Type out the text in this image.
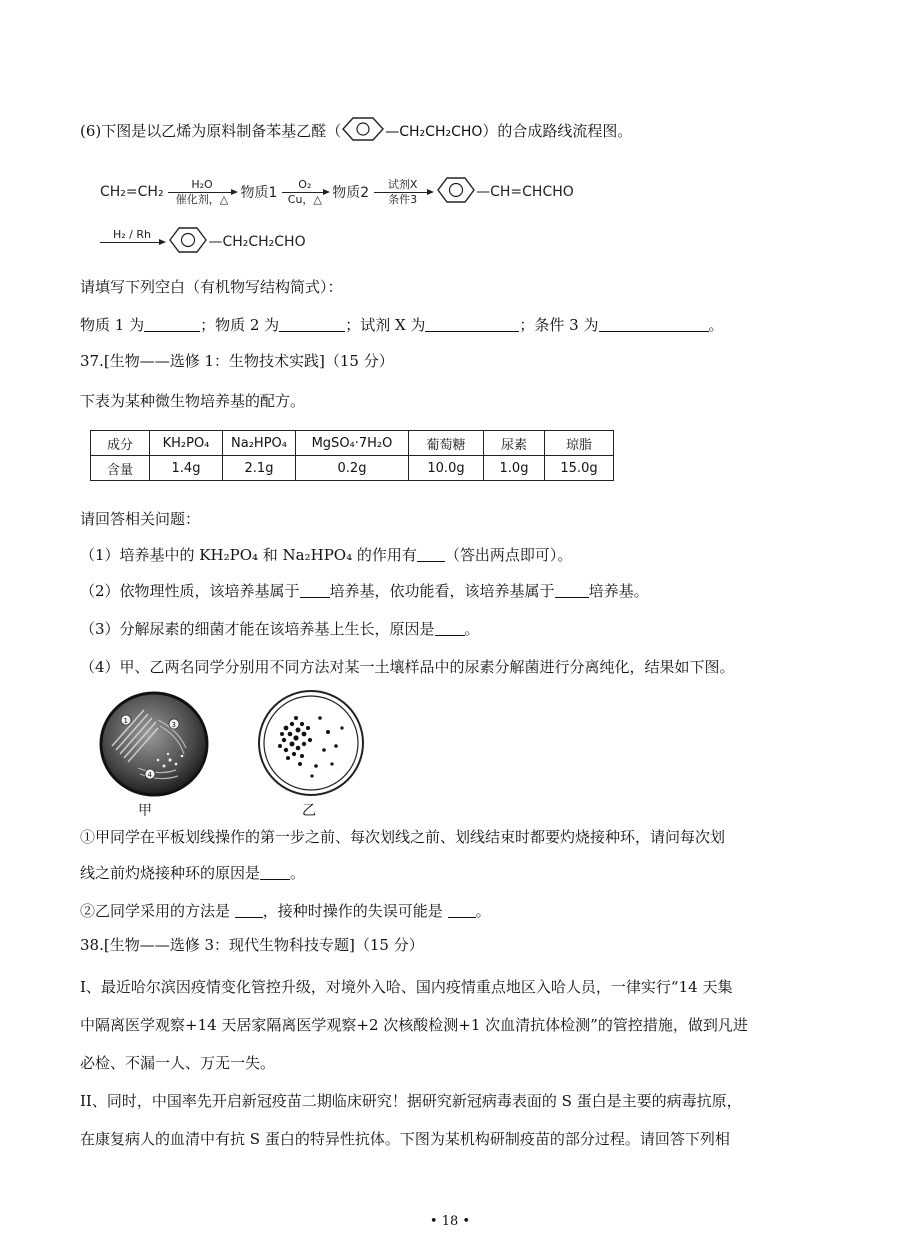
(6)下图是以乙烯为原料制备苯基乙醛（	—CH₂CH₂CHO）的合成路线流程图。
CH₂=CH₂	H₂O
催化剂，△ 物质$1 \frac{\text{O₂}}{Cu,\triangle}$ 物质2
试剂X
条件3	—CH=CHCHO
H₂ / Rh
	—CH₂CH₂CHO
请填写下列空白（有机物写结构简式）：
物质 1 为	；物质 2 为	；试剂 X 为	；条件 3 为	。
37.[生物——选修 1：生物技术实践]（15 分）
下表为某种微生物培养基的配方。
成分	KH₂PO₄	Na₂HPO₄	MgSO₄·7H₂O	葡萄糖	尿素	琼脂
含量	1.4g	2.1g	0.2g	10.0g	1.0g	15.0g
请回答相关问题：
（1）培养基中的 KH₂PO₄ 和 Na₂HPO₄ 的作用有 （答出两点即可）。
（2）依物理性质，该培养基属于 培养基，依功能看，该培养基属于 培养基。
（3）分解尿素的细菌才能在该培养基上生长，原因是 。
（4）甲、乙两名同学分别用不同方法对某一土壤样品中的尿素分解菌进行分离纯化，结果如下图。
1	3
4
甲	乙
①甲同学在平板划线操作的第一步之前、每次划线之前、划线结束时都要灼烧接种环，请问每次划
线之前灼烧接种环的原因是 。
②乙同学采用的方法是 ，接种时操作的失误可能是 。
38.[生物——选修 3：现代生物科技专题]（15 分）
I、最近哈尔滨因疫情变化管控升级，对境外入哈、国内疫情重点地区入哈人员，一律实行“14 天集
中隔离医学观察+14 天居家隔离医学观察+2 次核酸检测+1 次血清抗体检测”的管控措施，做到凡进
必检、不漏一人、万无一失。
II、同时，中国率先开启新冠疫苗二期临床研究！据研究新冠病毒表面的 S 蛋白是主要的病毒抗原，
在康复病人的血清中有抗 S 蛋白的特异性抗体。下图为某机构研制疫苗的部分过程。请回答下列相
• 18 •
